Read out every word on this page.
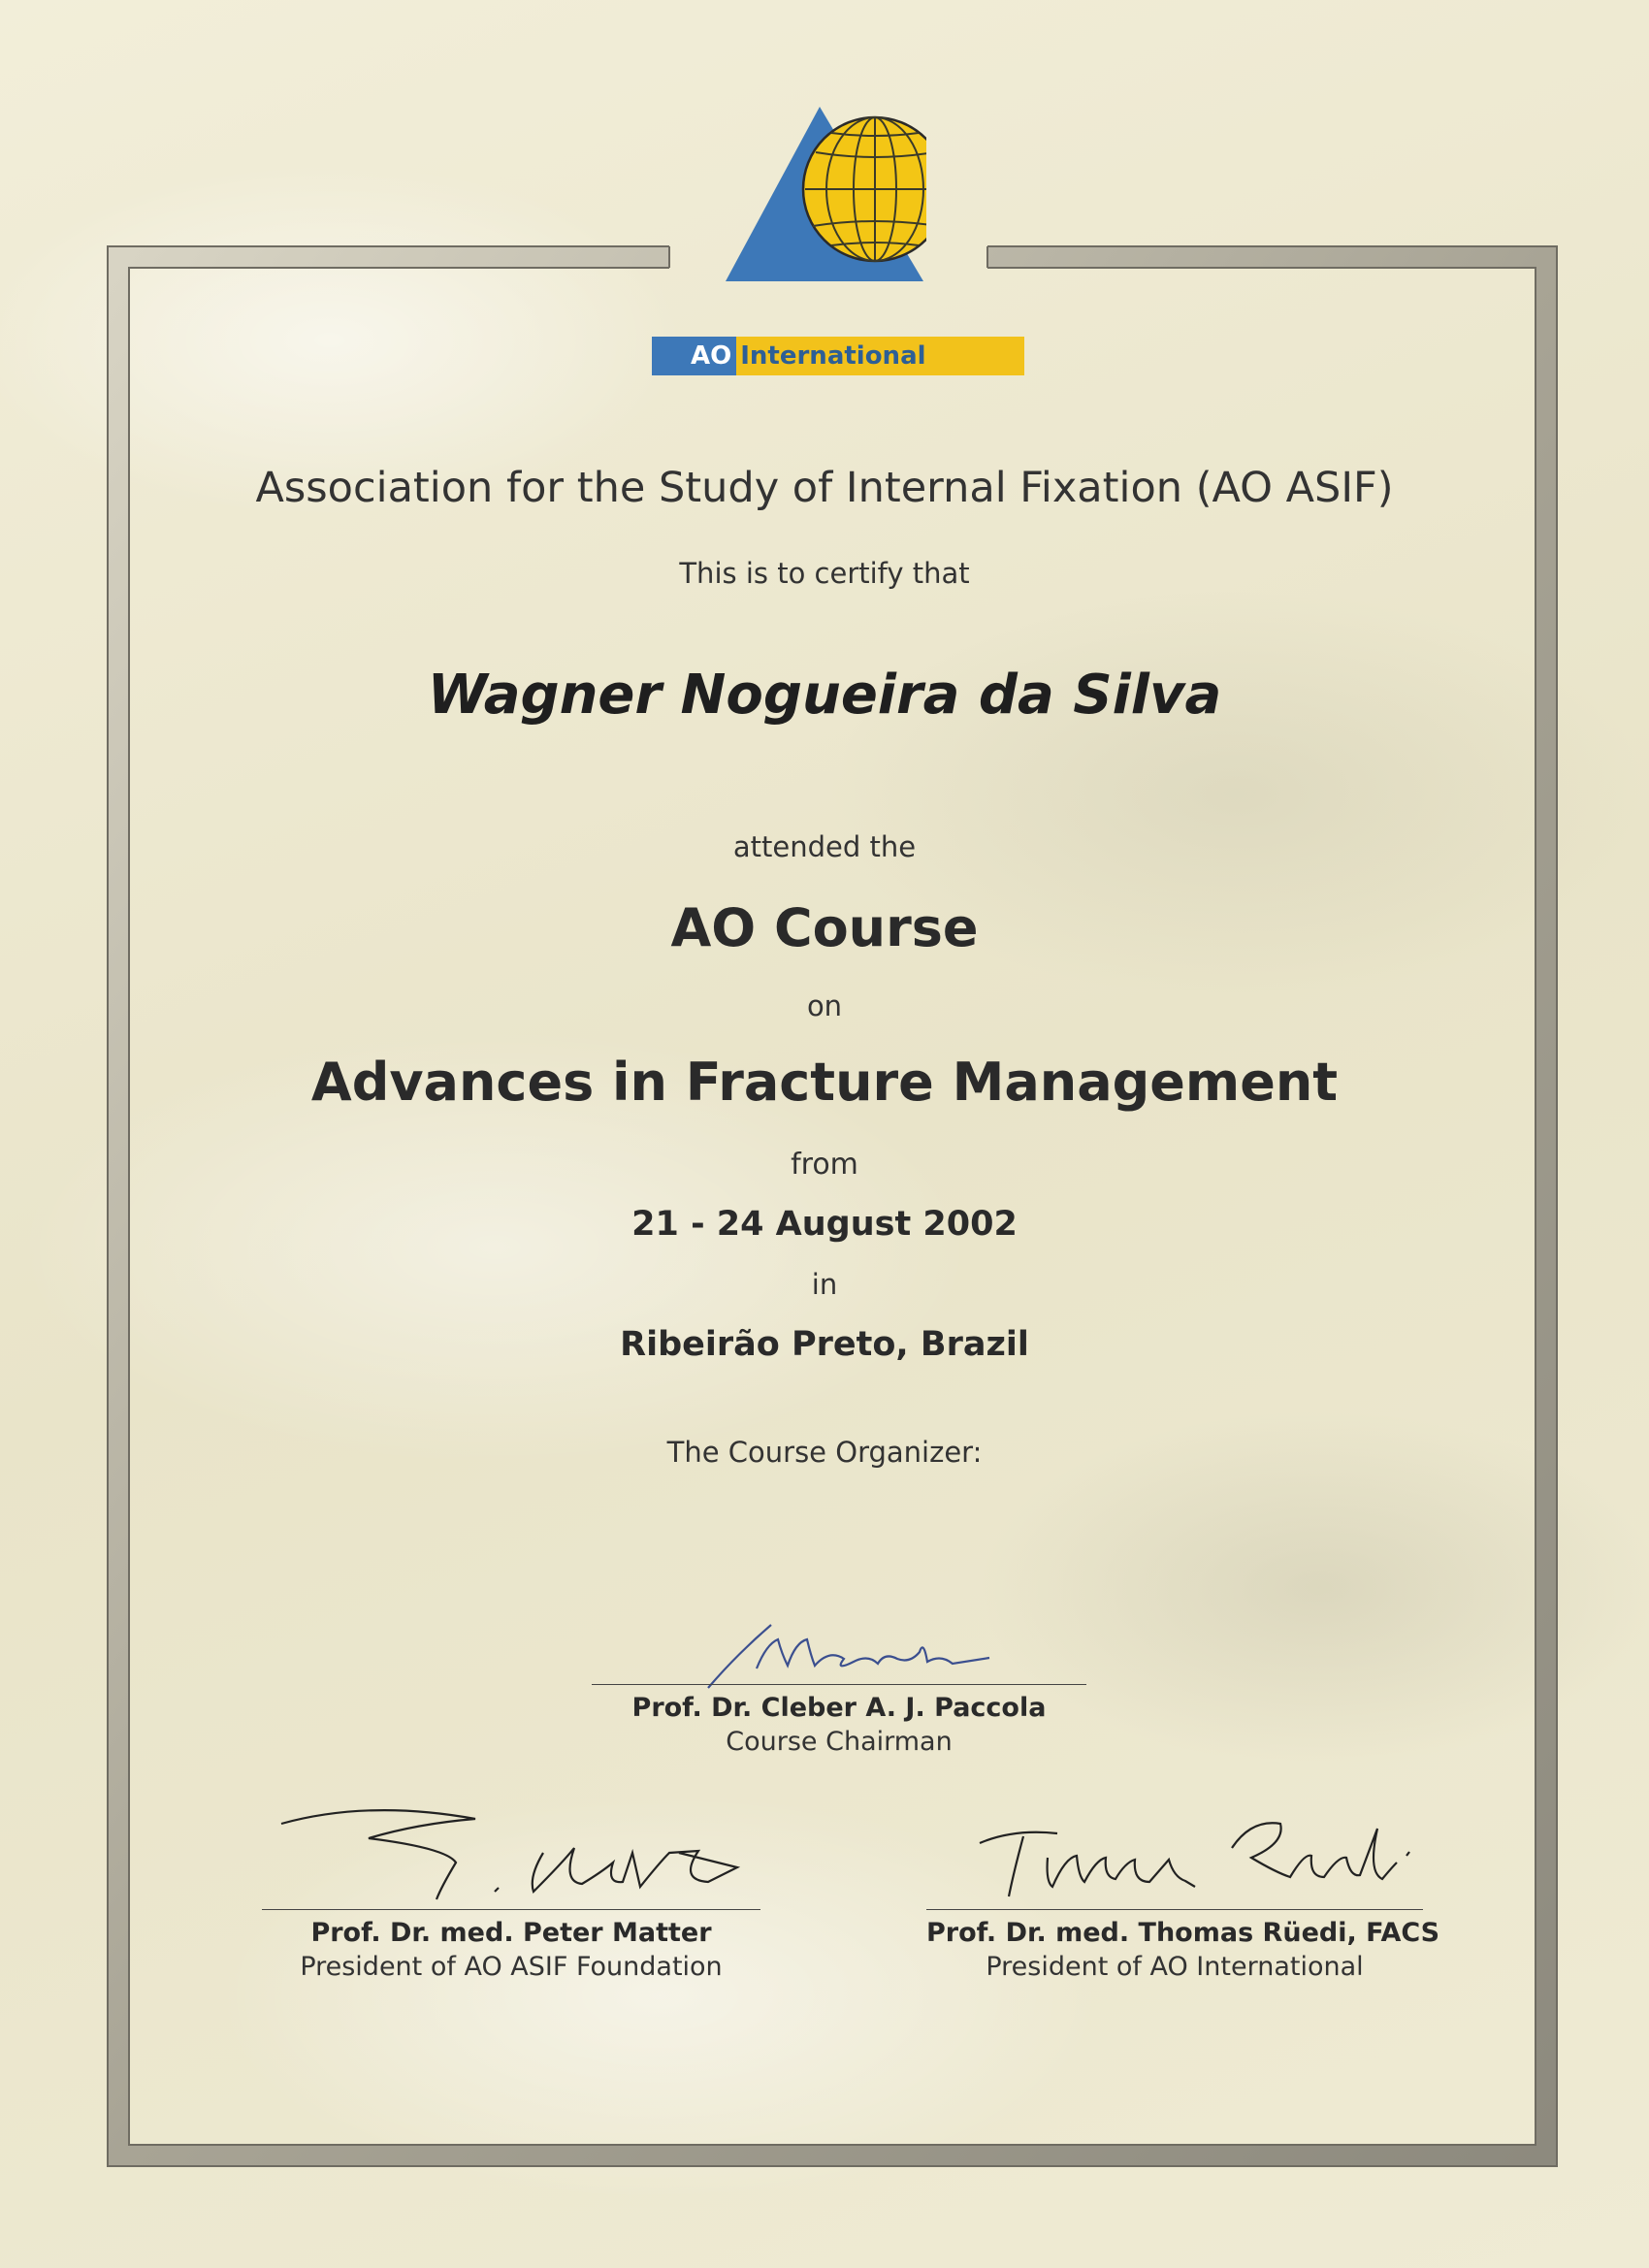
AO International
Association for the Study of Internal Fixation (AO ASIF)
This is to certify that
Wagner Nogueira da Silva
attended the
AO Course
on
Advances in Fracture Management
from
21 - 24 August 2002
in
Ribeirão Preto, Brazil
The Course Organizer:
Prof. Dr. Cleber A. J. Paccola
Course Chairman
Prof. Dr. med. Peter Matter
President of AO ASIF Foundation
Prof. Dr. med. Thomas Rüedi, FACS
President of AO International
